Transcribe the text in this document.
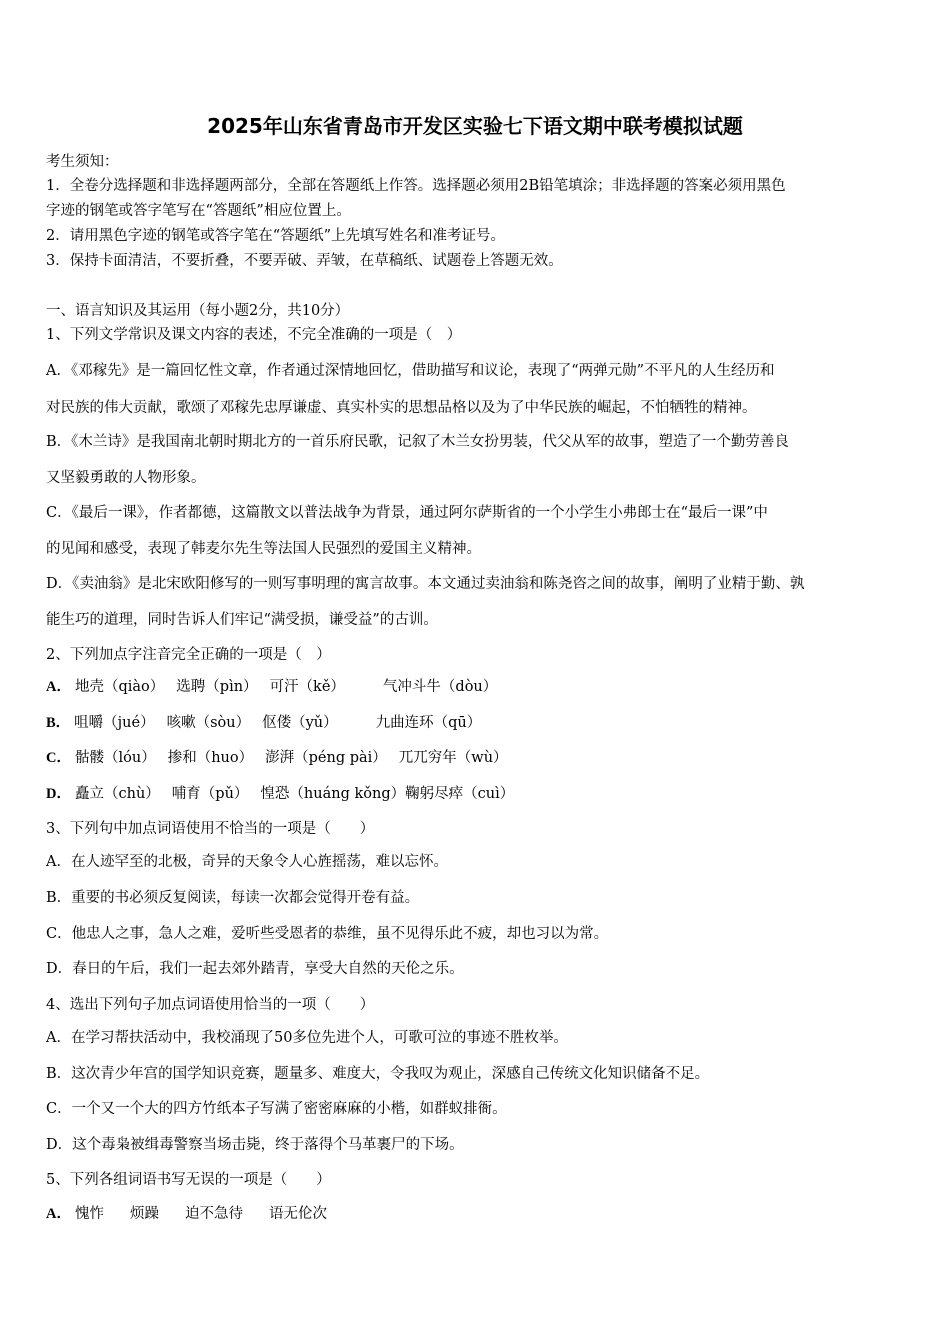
2025年山东省青岛市开发区实验七下语文期中联考模拟试题
考生须知：
1．全卷分选择题和非选择题两部分，全部在答题纸上作答。选择题必须用2B铅笔填涂；非选择题的答案必须用黑色
字迹的钢笔或答字笔写在“答题纸”相应位置上。
2．请用黑色字迹的钢笔或答字笔在“答题纸”上先填写姓名和准考证号。
3．保持卡面清洁，不要折叠，不要弄破、弄皱，在草稿纸、试题卷上答题无效。
一、语言知识及其运用（每小题2分，共10分）
1、下列文学常识及课文内容的表述，不完全准确的一项是（　）
A．《邓稼先》是一篇回忆性文章，作者通过深情地回忆，借助描写和议论，表现了“两弹元勋”不平凡的人生经历和
对民族的伟大贡献，歌颂了邓稼先忠厚谦虚、真实朴实的思想品格以及为了中华民族的崛起，不怕牺牲的精神。
B．《木兰诗》是我国南北朝时期北方的一首乐府民歌，记叙了木兰女扮男装，代父从军的故事，塑造了一个勤劳善良
又坚毅勇敢的人物形象。
C．《最后一课》，作者都德，这篇散文以普法战争为背景，通过阿尔萨斯省的一个小学生小弗郎士在“最后一课”中
的见闻和感受，表现了韩麦尔先生等法国人民强烈的爱国主义精神。
D．《卖油翁》是北宋欧阳修写的一则写事明理的寓言故事。本文通过卖油翁和陈尧咨之间的故事，阐明了业精于勤、孰
能生巧的道理，同时告诉人们牢记“满受损，谦受益”的古训。
2、下列加点字注音完全正确的一项是（　）
A． 地壳（qiào） 选聘（pìn） 可汗（kě）	气冲斗牛（dòu）
B． 咀嚼（jué） 咳嗽（sòu） 伛偻（yǔ）	九曲连环（qū）
C． 骷髅（lóu） 掺和（huo） 澎湃（péng pài） 兀兀穷年（wù）
D． 矗立（chù） 哺育（pǔ） 惶恐（huáng kǒng）鞠躬尽瘁（cuì）
3、下列句中加点词语使用不恰当的一项是（　　）
A．在人迹罕至的北极，奇异的天象令人心旌摇荡，难以忘怀。
B．重要的书必须反复阅读，每读一次都会觉得开卷有益。
C．他忠人之事，急人之难，爱听些受恩者的恭维，虽不见得乐此不疲，却也习以为常。
D．春日的午后，我们一起去郊外踏青，享受大自然的天伦之乐。
4、选出下列句子加点词语使用恰当的一项（　　）
A．在学习帮扶活动中，我校涌现了50多位先进个人，可歌可泣的事迹不胜枚举。
B．这次青少年宫的国学知识竞赛，题量多、难度大，令我叹为观止，深感自己传统文化知识储备不足。
C．一个又一个大的四方竹纸本子写满了密密麻麻的小楷，如群蚁排衙。
D．这个毒枭被缉毒警察当场击毙，终于落得个马革裹尸的下场。
5、下列各组词语书写无误的一项是（　　）
A． 愧怍 烦躁 迫不急待 语无伦次
